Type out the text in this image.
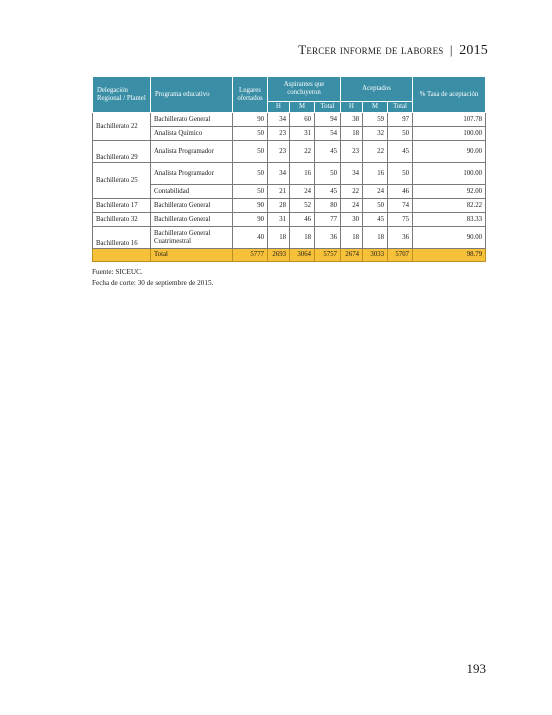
Tercer informe de labores | 2015
Delegación Regional / Plantel	Programa educativo	Lugares ofertados	Aspirantes que concluyeron			Aceptados			% Tasa de aceptación
			H	M	Total	H	M	Total	
Bachillerato 22	Bachillerato General	90	34	60	94	38	59	97	107.78
	Analista Químico	50	23	31	54	18	32	50	100.00
Bachillerato 29	Analista Programador	50	23	22	45	23	22	45	90.00
Bachillerato 25	Analista Programador	50	34	16	50	34	16	50	100.00
	Contabilidad	50	21	24	45	22	24	46	92.00
Bachillerato 17	Bachillerato General	90	28	52	80	24	50	74	82.22
Bachillerato 32	Bachillerato General	90	31	46	77	30	45	75	83.33
Bachillerato 16	Bachillerato General Cuatrimestral	40	18	18	36	18	18	36	90.00
	Total	5777	2693	3064	5757	2674	3033	5707	98.79
Fuente: SICEUC.
Fecha de corte: 30 de septiembre de 2015.
193
